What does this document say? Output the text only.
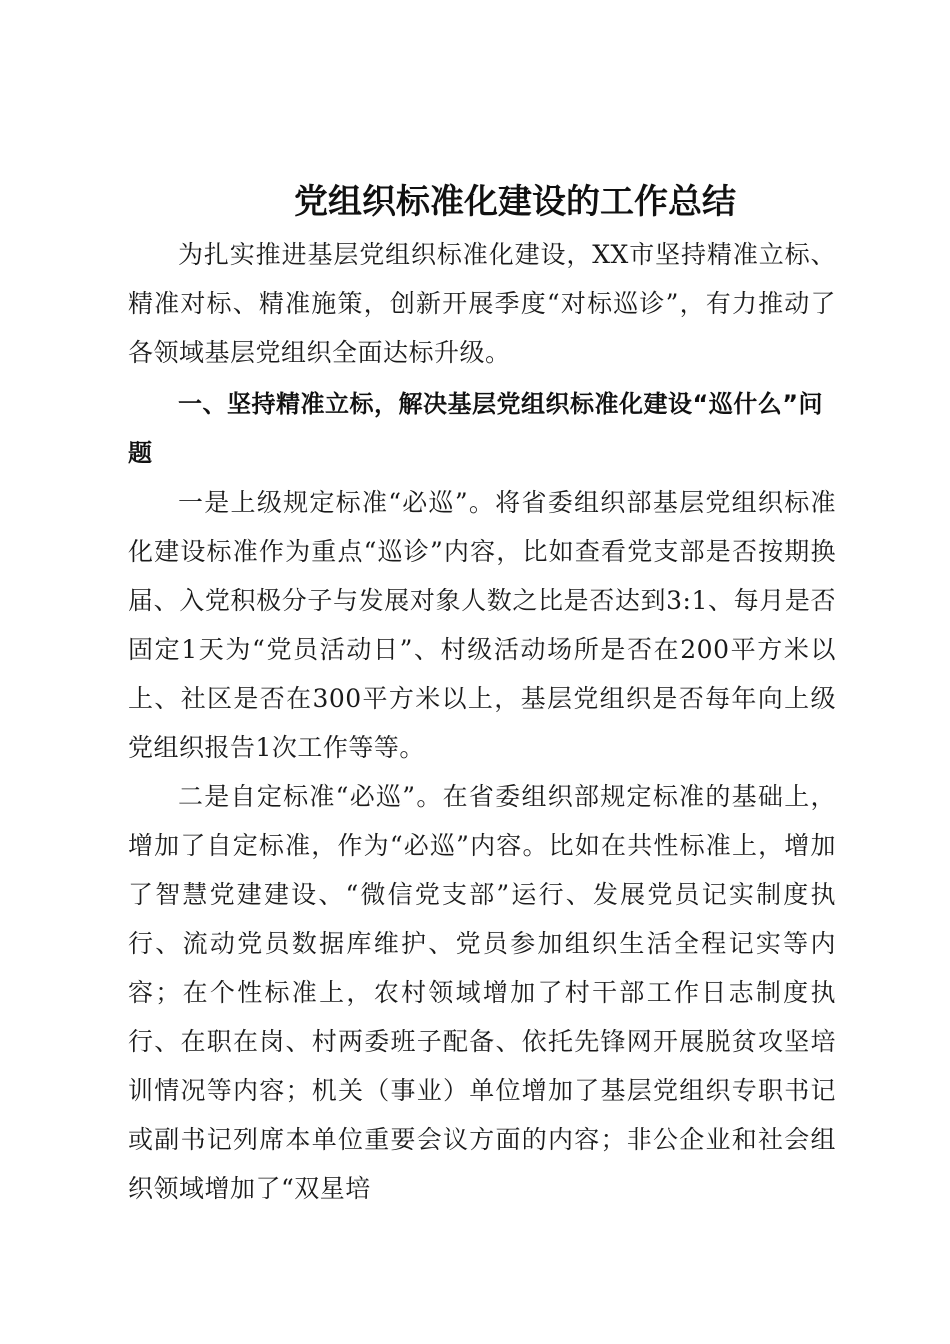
党组织标准化建设的工作总结
为扎实推进基层党组织标准化建设，XX市坚持精准立标、精准对标、精准施策，创新开展季度“对标巡诊”，有力推动了各领域基层党组织全面达标升级。
一、坚持精准立标，解决基层党组织标准化建设“巡什么”问题
一是上级规定标准“必巡”。将省委组织部基层党组织标准化建设标准作为重点“巡诊”内容，比如查看党支部是否按期换届、入党积极分子与发展对象人数之比是否达到3:1、每月是否固定1天为“党员活动日”、村级活动场所是否在200平方米以上、社区是否在300平方米以上，基层党组织是否每年向上级党组织报告1次工作等等。
二是自定标准“必巡”。在省委组织部规定标准的基础上，增加了自定标准，作为“必巡”内容。比如在共性标准上，增加了智慧党建建设、“微信党支部”运行、发展党员记实制度执行、流动党员数据库维护、党员参加组织生活全程记实等内容；在个性标准上，农村领域增加了村干部工作日志制度执行、在职在岗、村两委班子配备、依托先锋网开展脱贫攻坚培训情况等内容；机关（事业）单位增加了基层党组织专职书记或副书记列席本单位重要会议方面的内容；非公企业和社会组织领域增加了“双星培
